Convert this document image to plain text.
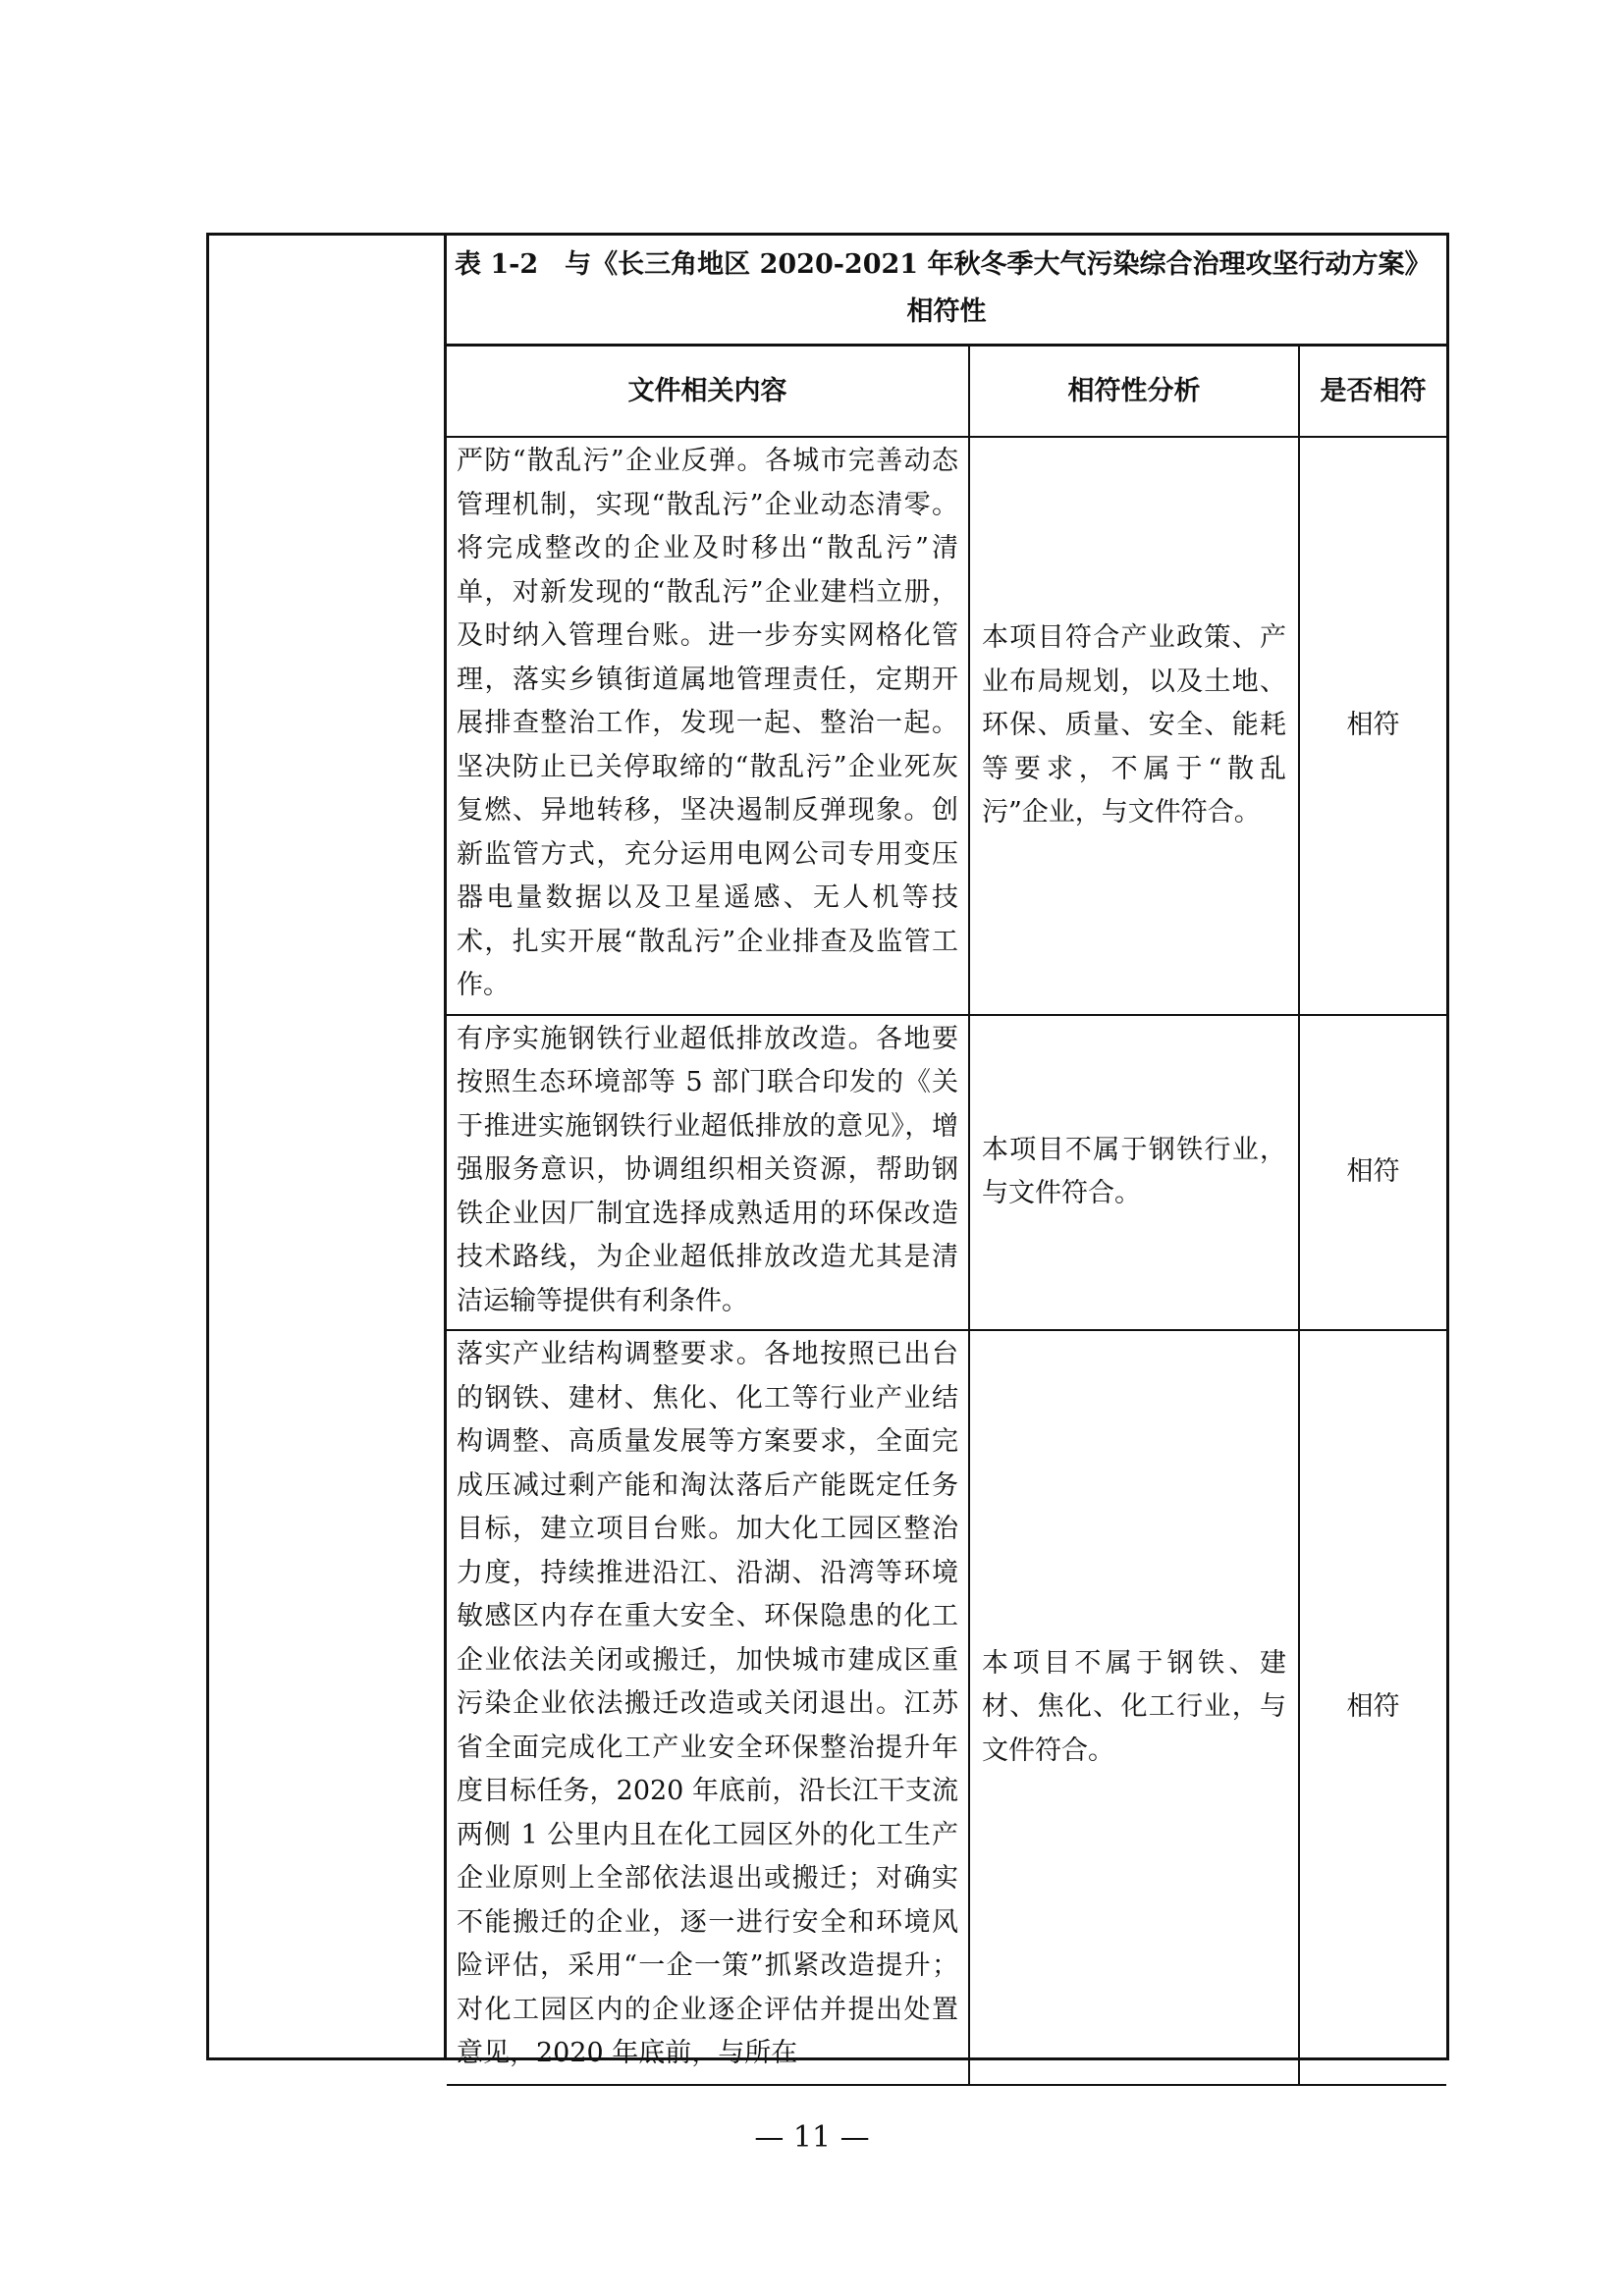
表 1-2　与《长三角地区 2020-2021 年秋冬季大气污染综合治理攻坚行动方案》
相符性
文件相关内容	相符性分析	是否相符
严防“散乱污”企业反弹。各城市完善动态管理机制，实现“散乱污”企业动态清零。将完成整改的企业及时移出“散乱污”清单，对新发现的“散乱污”企业建档立册，及时纳入管理台账。进一步夯实网格化管理，落实乡镇街道属地管理责任，定期开展排查整治工作，发现一起、整治一起。坚决防止已关停取缔的“散乱污”企业死灰复燃、异地转移，坚决遏制反弹现象。创新监管方式，充分运用电网公司专用变压器电量数据以及卫星遥感、无人机等技术，扎实开展“散乱污”企业排查及监管工作。	本项目符合产业政策、产业布局规划，以及土地、环保、质量、安全、能耗等要求，不属于“散乱污”企业，与文件符合。	相符
有序实施钢铁行业超低排放改造。各地要按照生态环境部等 5 部门联合印发的《关于推进实施钢铁行业超低排放的意见》，增强服务意识，协调组织相关资源，帮助钢铁企业因厂制宜选择成熟适用的环保改造技术路线，为企业超低排放改造尤其是清洁运输等提供有利条件。	本项目不属于钢铁行业，与文件符合。	相符
落实产业结构调整要求。各地按照已出台的钢铁、建材、焦化、化工等行业产业结构调整、高质量发展等方案要求，全面完成压减过剩产能和淘汰落后产能既定任务目标，建立项目台账。加大化工园区整治力度，持续推进沿江、沿湖、沿湾等环境敏感区内存在重大安全、环保隐患的化工企业依法关闭或搬迁，加快城市建成区重污染企业依法搬迁改造或关闭退出。江苏省全面完成化工产业安全环保整治提升年度目标任务，2020 年底前，沿长江干支流两侧 1 公里内且在化工园区外的化工生产企业原则上全部依法退出或搬迁；对确实不能搬迁的企业，逐一进行安全和环境风险评估，采用“一企一策”抓紧改造提升；对化工园区内的企业逐企评估并提出处置意见，2020 年底前，与所在	本项目不属于钢铁、建材、焦化、化工行业，与文件符合。	相符
— 11 —
